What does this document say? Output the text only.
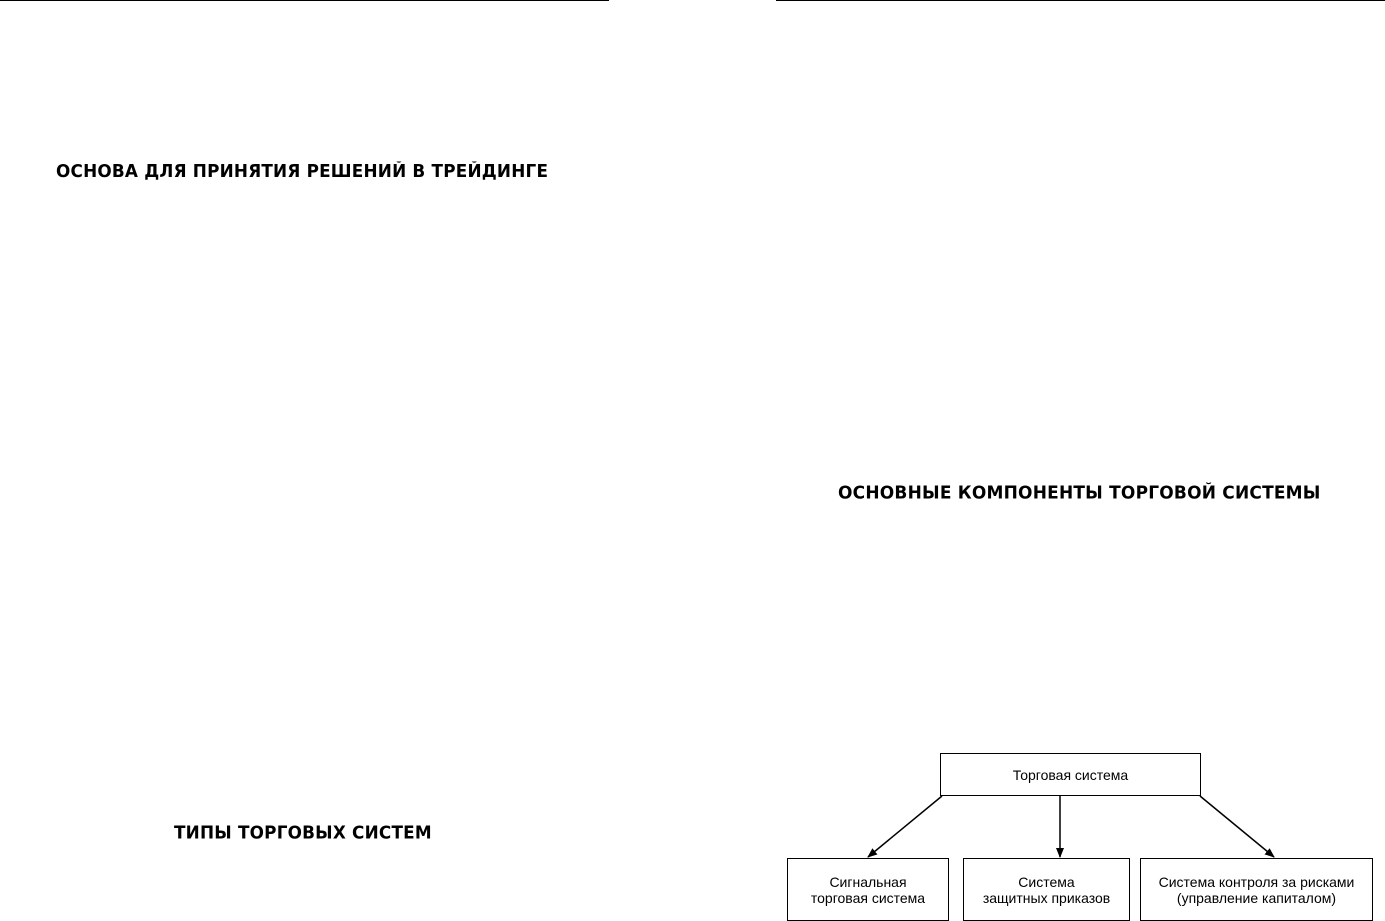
ОСНОВА ДЛЯ ПРИНЯТИЯ РЕШЕНИЙ В ТРЕЙДИНГЕ
ТИПЫ ТОРГОВЫХ СИСТЕМ
ОСНОВНЫЕ КОМПОНЕНТЫ ТОРГОВОЙ СИСТЕМЫ
Торговая система
Сигнальная
торговая система
Система
защитных приказов
Система контроля за рисками
(управление капиталом)
